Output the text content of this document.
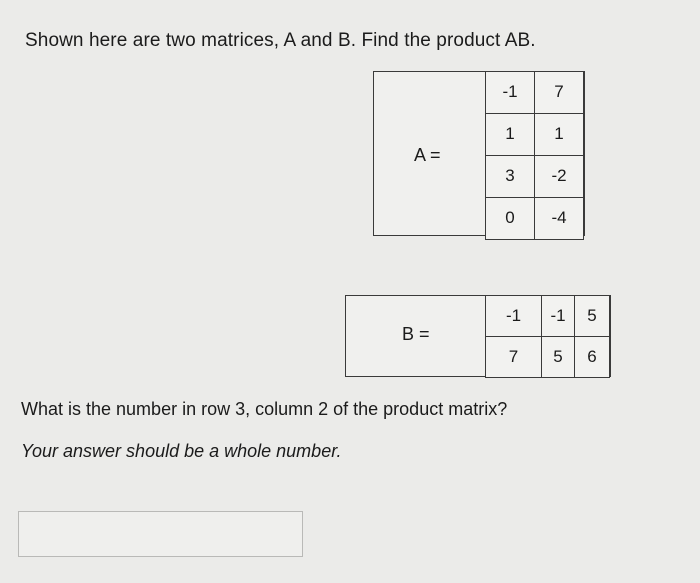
Shown here are two matrices, A and B. Find the product AB.
A =
-1	7
1	1
3	-2
0	-4
B =
-1	-1	5
7	5	6
What is the number in row 3, column 2 of the product matrix?
Your answer should be a whole number.
